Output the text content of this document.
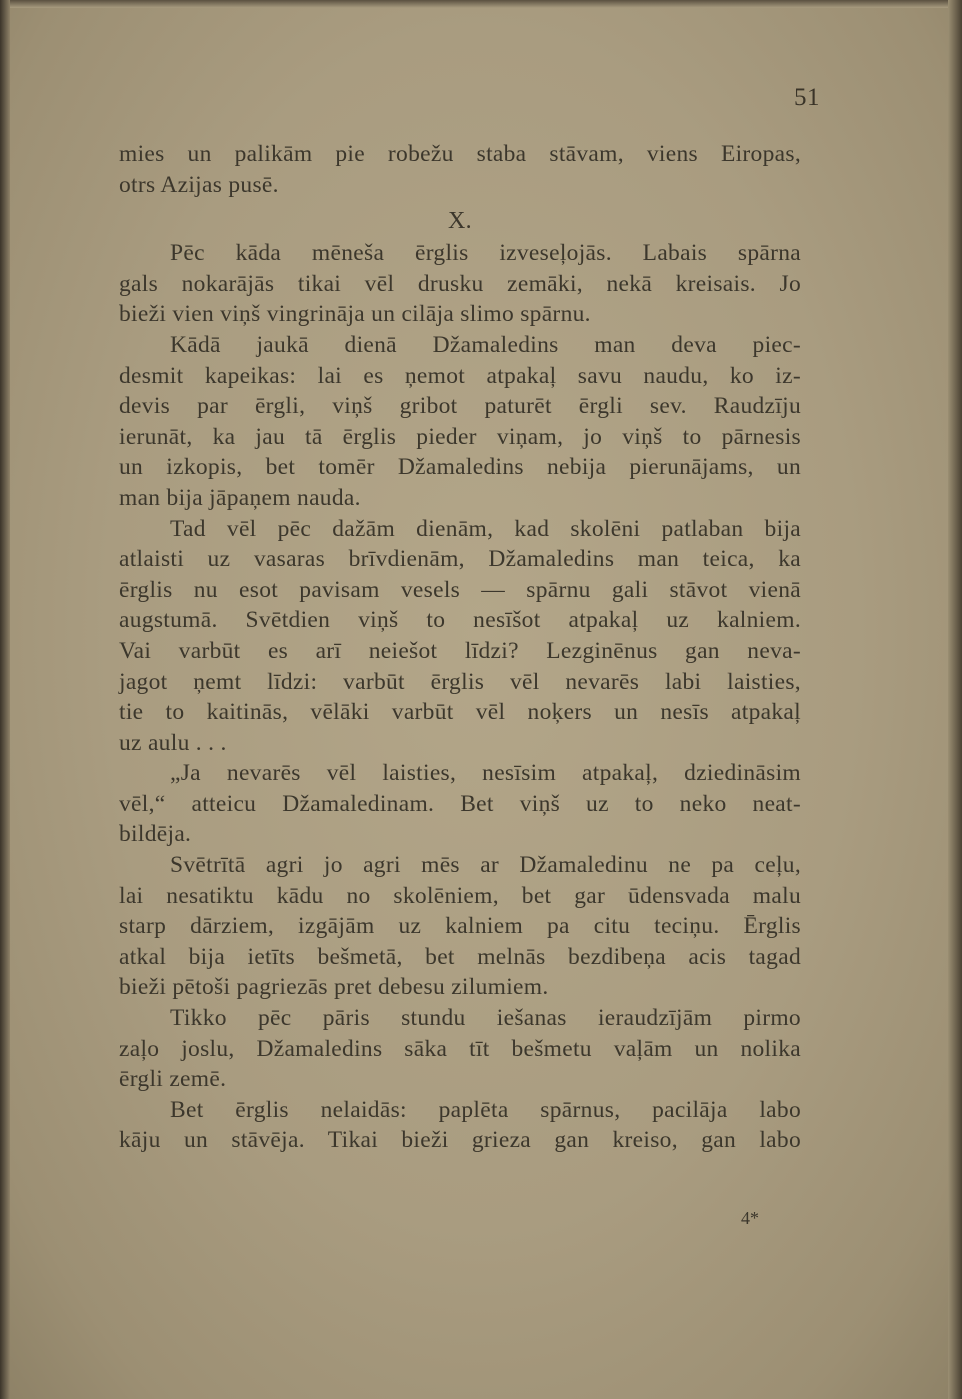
51
mies un palikām pie robežu staba stāvam, viens Eiropas,
otrs Azijas pusē.
X.
Pēc kāda mēneša ērglis izveseļojās. Labais spārna
gals nokarājās tikai vēl drusku zemāki, nekā kreisais. Jo
bieži vien viņš vingrināja un cilāja slimo spārnu.
Kādā jaukā dienā Džamaledins man deva piec-
desmit kapeikas: lai es ņemot atpakaļ savu naudu, ko iz-
devis par ērgli, viņš gribot paturēt ērgli sev. Raudzīju
ierunāt, ka jau tā ērglis pieder viņam, jo viņš to pārnesis
un izkopis, bet tomēr Džamaledins nebija pierunājams, un
man bija jāpaņem nauda.
Tad vēl pēc dažām dienām, kad skolēni patlaban bija
atlaisti uz vasaras brīvdienām, Džamaledins man teica, ka
ērglis nu esot pavisam vesels — spārnu gali stāvot vienā
augstumā. Svētdien viņš to nesīšot atpakaļ uz kalniem.
Vai varbūt es arī neiešot līdzi? Lezginēnus gan neva-
jagot ņemt līdzi: varbūt ērglis vēl nevarēs labi laisties,
tie to kaitinās, vēlāki varbūt vēl noķers un nesīs atpakaļ
uz aulu . . .
„Ja nevarēs vēl laisties, nesīsim atpakaļ, dziedināsim
vēl,“ atteicu Džamaledinam. Bet viņš uz to neko neat-
bildēja.
Svētrītā agri jo agri mēs ar Džamaledinu ne pa ceļu,
lai nesatiktu kādu no skolēniem, bet gar ūdensvada malu
starp dārziem, izgājām uz kalniem pa citu teciņu. Ērglis
atkal bija ietīts bešmetā, bet melnās bezdibeņa acis tagad
bieži pētoši pagriezās pret debesu zilumiem.
Tikko pēc pāris stundu iešanas ieraudzījām pirmo
zaļo joslu, Džamaledins sāka tīt bešmetu vaļām un nolika
ērgli zemē.
Bet ērglis nelaidās: paplēta spārnus, pacilāja labo
kāju un stāvēja. Tikai bieži grieza gan kreiso, gan labo
4*
